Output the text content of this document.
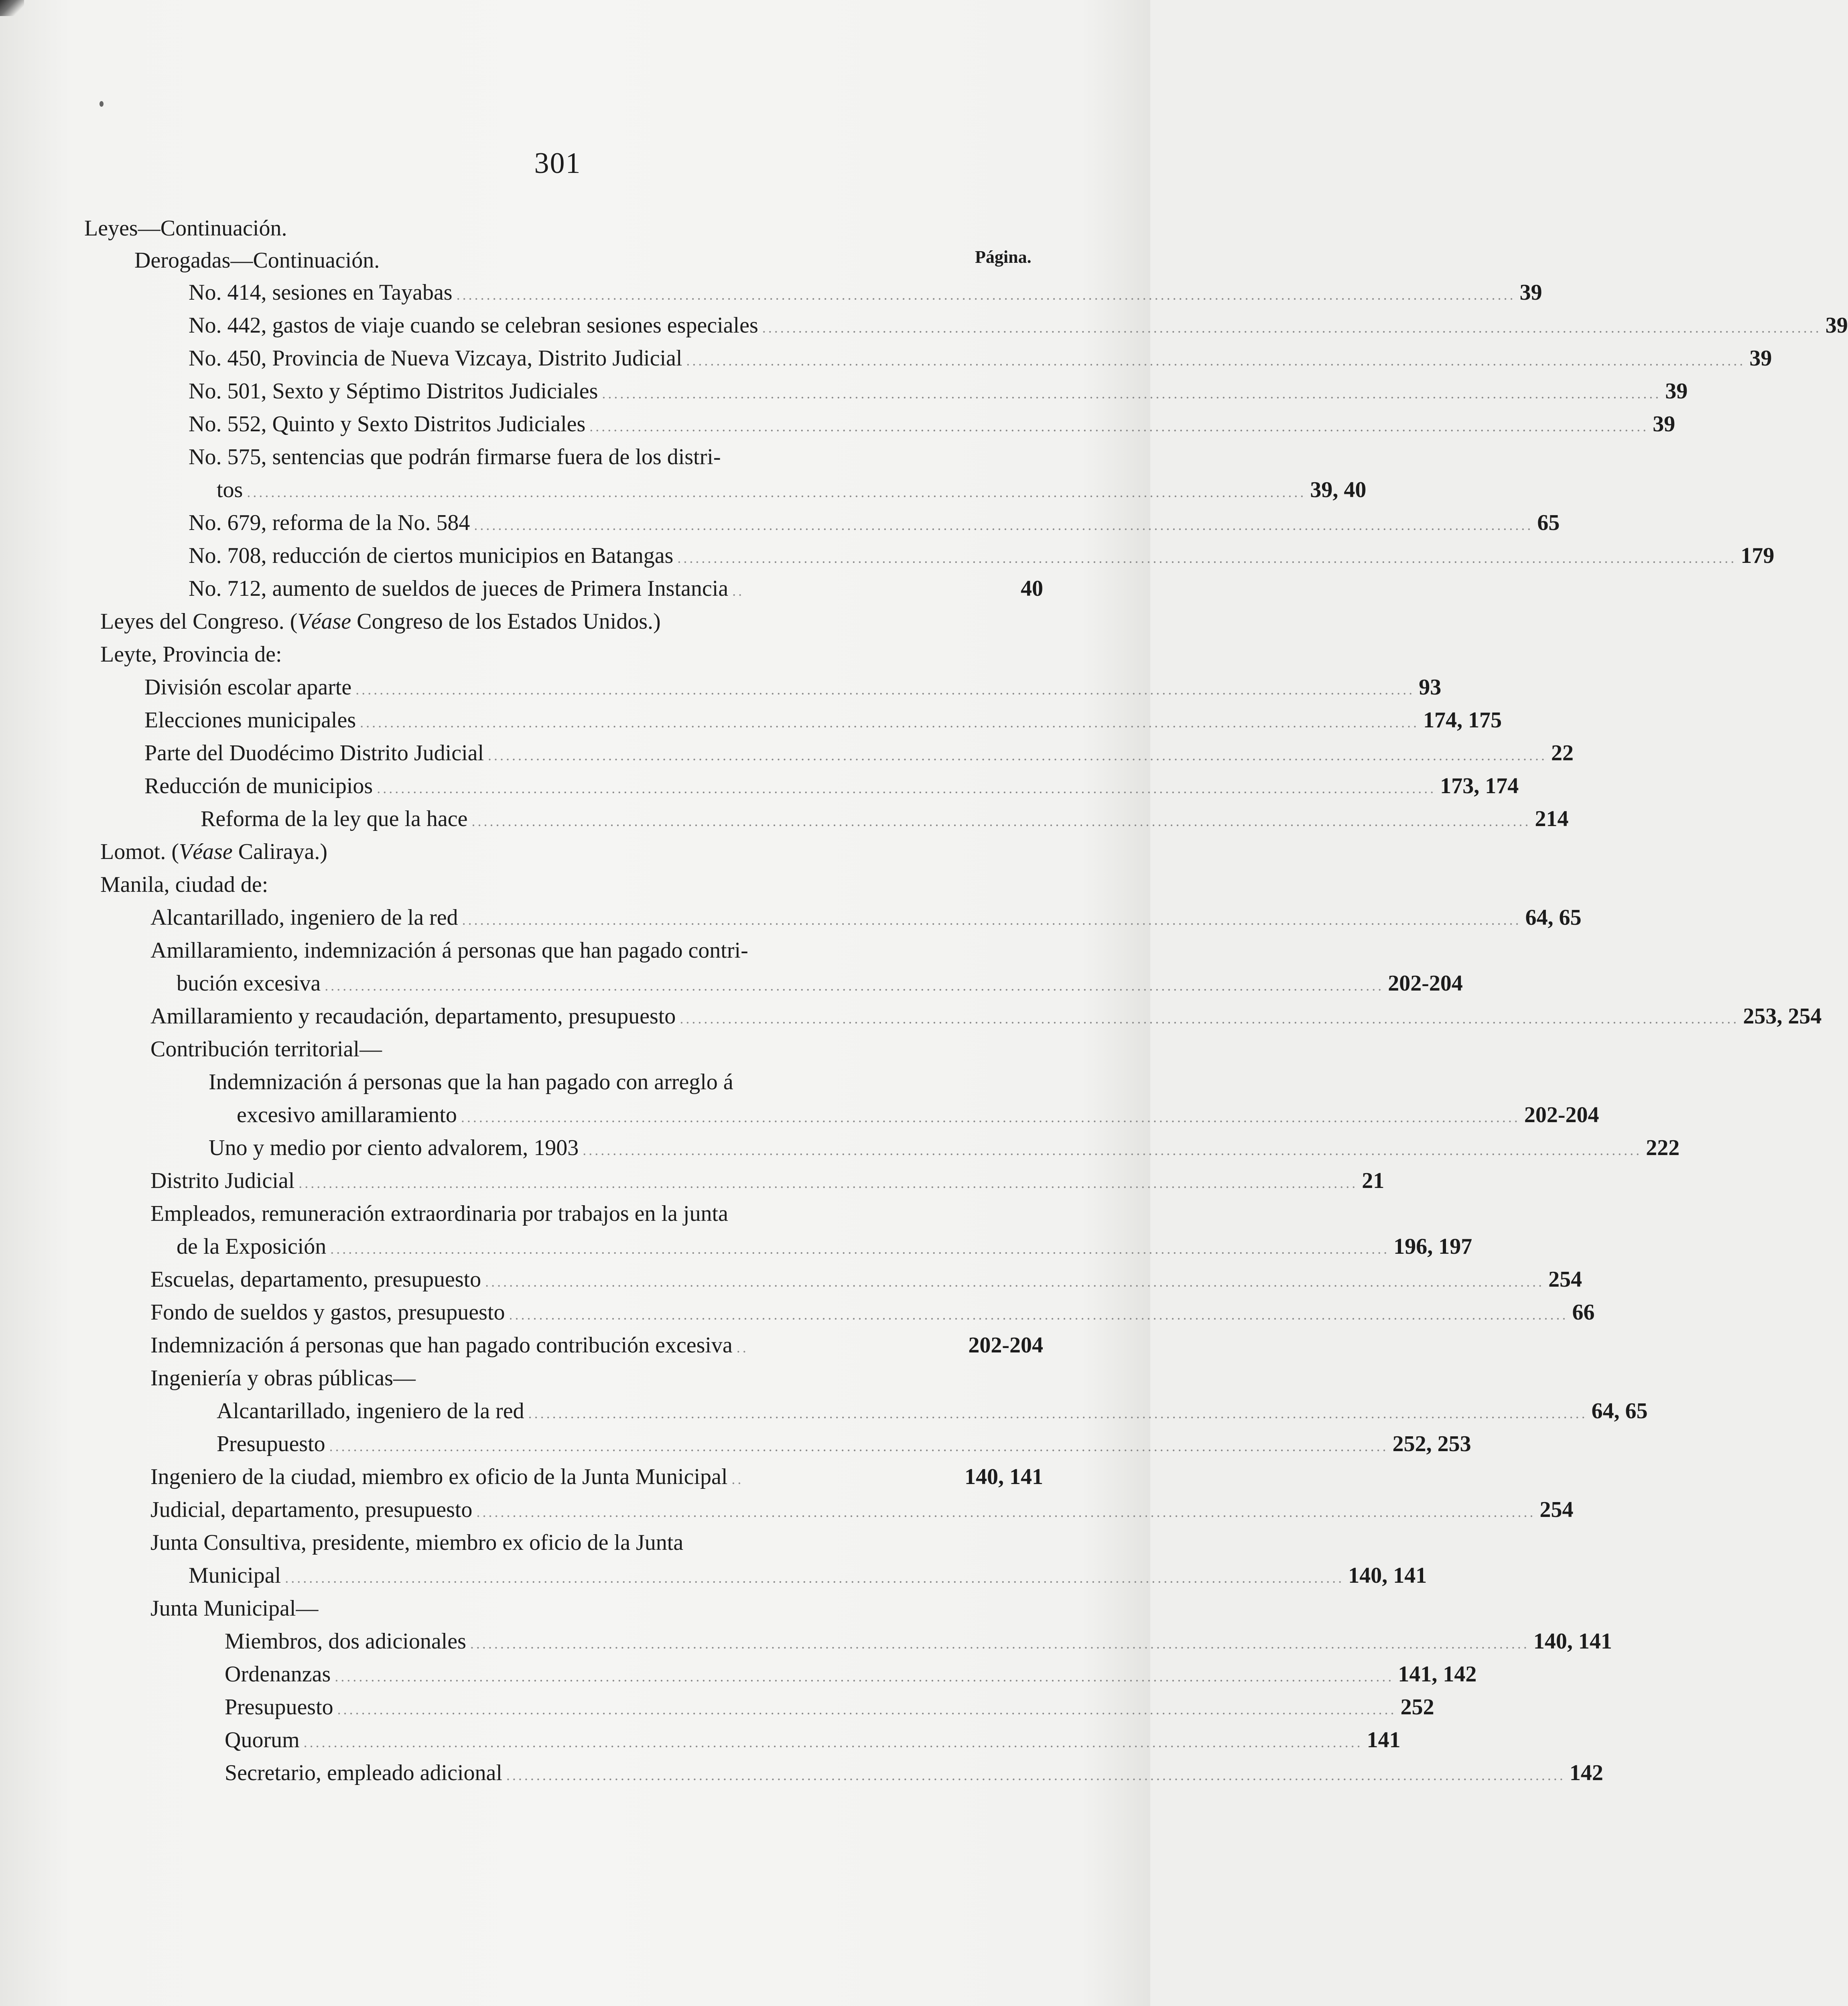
301
Leyes—Continuación.
Derogadas—Continuación.	Página.
No. 414, sesiones en Tayabas ................................................................................................................................................................................ 39
No. 442, gastos de viaje cuando se celebran sesiones especiales ................................................................................................................................................................................ 39
No. 450, Provincia de Nueva Vizcaya, Distrito Judicial ................................................................................................................................................................................ 39
No. 501, Sexto y Séptimo Distritos Judiciales ................................................................................................................................................................................ 39
No. 552, Quinto y Sexto Distritos Judiciales ................................................................................................................................................................................ 39
No. 575, sentencias que podrán firmarse fuera de los distri-
tos ................................................................................................................................................................................ 39, 40
No. 679, reforma de la No. 584 ................................................................................................................................................................................ 65
No. 708, reducción de ciertos municipios en Batangas ................................................................................................................................................................................ 179
No. 712, aumento de sueldos de jueces de Primera Instancia ..	40
Leyes del Congreso. (Véase Congreso de los Estados Unidos.)
Leyte, Provincia de:
División escolar aparte ................................................................................................................................................................................ 93
Elecciones municipales ................................................................................................................................................................................ 174, 175
Parte del Duodécimo Distrito Judicial ................................................................................................................................................................................ 22
Reducción de municipios ................................................................................................................................................................................ 173, 174
Reforma de la ley que la hace ................................................................................................................................................................................ 214
Lomot. (Véase Caliraya.)
Manila, ciudad de:
Alcantarillado, ingeniero de la red ................................................................................................................................................................................ 64, 65
Amillaramiento, indemnización á personas que han pagado contri-
bución excesiva ................................................................................................................................................................................ 202-204
Amillaramiento y recaudación, departamento, presupuesto ................................................................................................................................................................................ 253, 254
Contribución territorial—
Indemnización á personas que la han pagado con arreglo á
excesivo amillaramiento ................................................................................................................................................................................ 202-204
Uno y medio por ciento advalorem, 1903 ................................................................................................................................................................................ 222
Distrito Judicial ................................................................................................................................................................................ 21
Empleados, remuneración extraordinaria por trabajos en la junta
de la Exposición ................................................................................................................................................................................ 196, 197
Escuelas, departamento, presupuesto ................................................................................................................................................................................ 254
Fondo de sueldos y gastos, presupuesto ................................................................................................................................................................................ 66
Indemnización á personas que han pagado contribución excesiva ..	202-204
Ingeniería y obras públicas—
Alcantarillado, ingeniero de la red ................................................................................................................................................................................ 64, 65
Presupuesto ................................................................................................................................................................................ 252, 253
Ingeniero de la ciudad, miembro ex oficio de la Junta Municipal ..	140, 141
Judicial, departamento, presupuesto ................................................................................................................................................................................ 254
Junta Consultiva, presidente, miembro ex oficio de la Junta
Municipal ................................................................................................................................................................................ 140, 141
Junta Municipal—
Miembros, dos adicionales ................................................................................................................................................................................ 140, 141
Ordenanzas ................................................................................................................................................................................ 141, 142
Presupuesto ................................................................................................................................................................................ 252
Quorum ................................................................................................................................................................................ 141
Secretario, empleado adicional ................................................................................................................................................................................ 142
